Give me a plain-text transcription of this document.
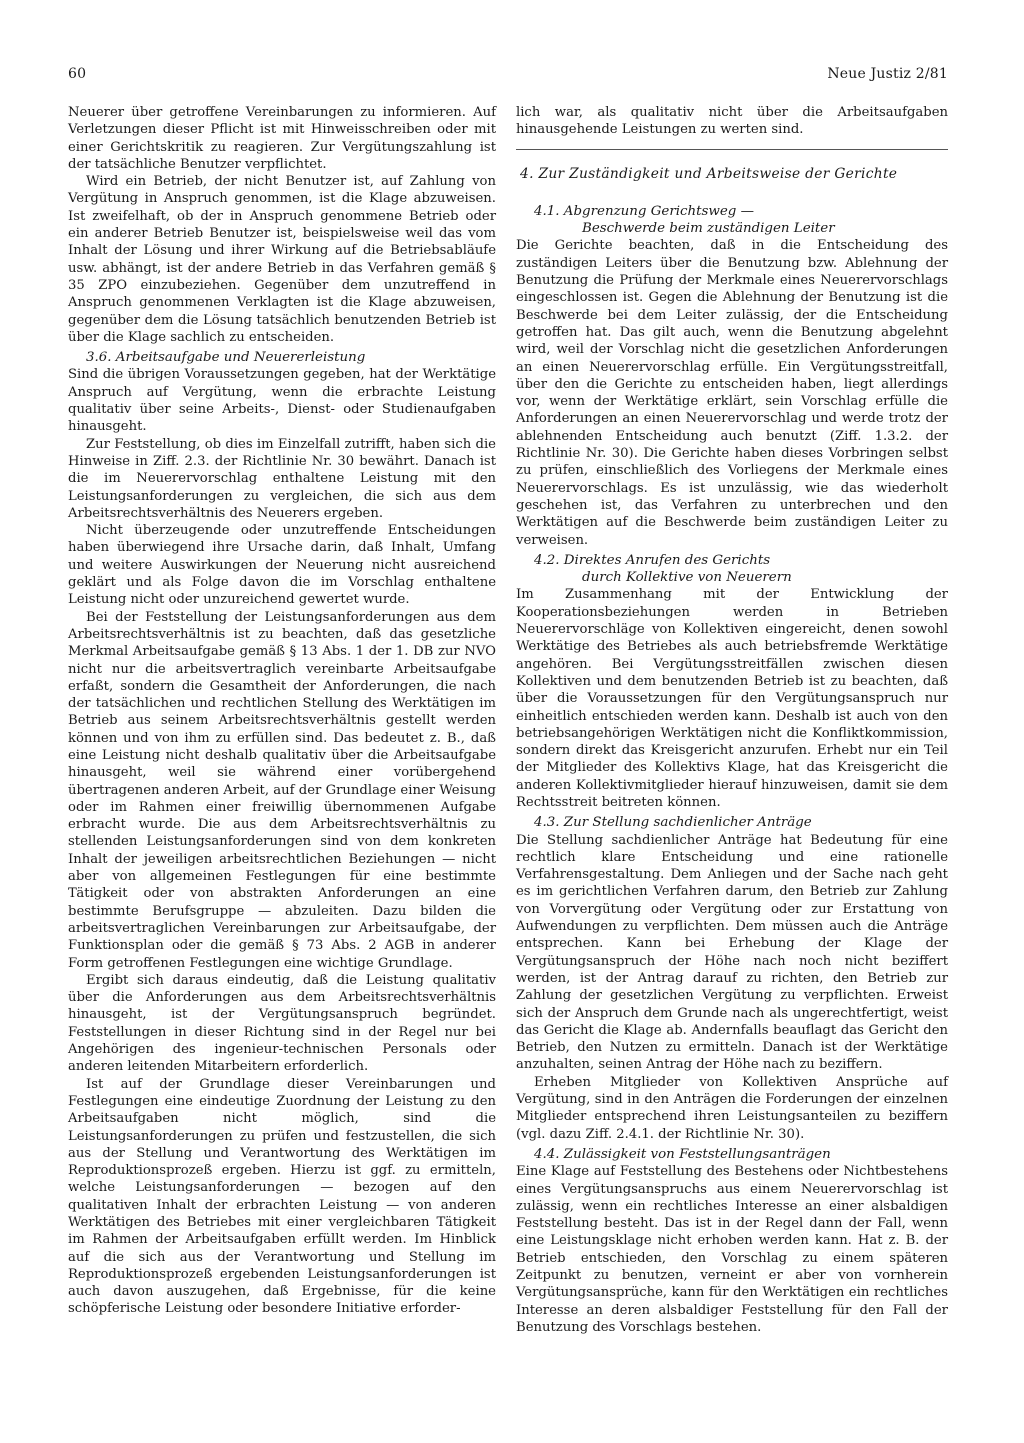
60	Neue Justiz 2/81

Neuerer über getroffene Vereinbarungen zu informieren. Auf Verletzungen dieser Pflicht ist mit Hinweisschreiben oder mit einer Gerichtskritik zu reagieren. Zur Vergütungszahlung ist der tatsächliche Benutzer verpflichtet.

Wird ein Betrieb, der nicht Benutzer ist, auf Zahlung von Vergütung in Anspruch genommen, ist die Klage abzuweisen. Ist zweifelhaft, ob der in Anspruch genommene Betrieb oder ein anderer Betrieb Benutzer ist, beispielsweise weil das vom Inhalt der Lösung und ihrer Wirkung auf die Betriebsabläufe usw. abhängt, ist der andere Betrieb in das Verfahren gemäß § 35 ZPO einzubeziehen. Gegenüber dem unzutreffend in Anspruch genommenen Verklagten ist die Klage abzuweisen, gegenüber dem die Lösung tatsächlich benutzenden Betrieb ist über die Klage sachlich zu entscheiden.

3.6. Arbeitsaufgabe und Neuererleistung

Sind die übrigen Voraussetzungen gegeben, hat der Werktätige Anspruch auf Vergütung, wenn die erbrachte Leistung qualitativ über seine Arbeits-, Dienst- oder Studienaufgaben hinausgeht.

Zur Feststellung, ob dies im Einzelfall zutrifft, haben sich die Hinweise in Ziff. 2.3. der Richtlinie Nr. 30 bewährt. Danach ist die im Neuerervorschlag enthaltene Leistung mit den Leistungsanforderungen zu vergleichen, die sich aus dem Arbeitsrechtsverhältnis des Neuerers ergeben.

Nicht überzeugende oder unzutreffende Entscheidungen haben überwiegend ihre Ursache darin, daß Inhalt, Umfang und weitere Auswirkungen der Neuerung nicht ausreichend geklärt und als Folge davon die im Vorschlag enthaltene Leistung nicht oder unzureichend gewertet wurde.

Bei der Feststellung der Leistungsanforderungen aus dem Arbeitsrechtsverhältnis ist zu beachten, daß das gesetzliche Merkmal Arbeitsaufgabe gemäß § 13 Abs. 1 der 1. DB zur NVO nicht nur die arbeitsvertraglich vereinbarte Arbeitsaufgabe erfaßt, sondern die Gesamtheit der Anforderungen, die nach der tatsächlichen und rechtlichen Stellung des Werktätigen im Betrieb aus seinem Arbeitsrechtsverhältnis gestellt werden können und von ihm zu erfüllen sind. Das bedeutet z. B., daß eine Leistung nicht deshalb qualitativ über die Arbeitsaufgabe hinausgeht, weil sie während einer vorübergehend übertragenen anderen Arbeit, auf der Grundlage einer Weisung oder im Rahmen einer freiwillig übernommenen Aufgabe erbracht wurde. Die aus dem Arbeitsrechtsverhältnis zu stellenden Leistungsanforderungen sind von dem konkreten Inhalt der jeweiligen arbeitsrechtlichen Beziehungen — nicht aber von allgemeinen Festlegungen für eine bestimmte Tätigkeit oder von abstrakten Anforderungen an eine bestimmte Berufsgruppe — abzuleiten. Dazu bilden die arbeitsvertraglichen Vereinbarungen zur Arbeitsaufgabe, der Funktionsplan oder die gemäß § 73 Abs. 2 AGB in anderer Form getroffenen Festlegungen eine wichtige Grundlage.

Ergibt sich daraus eindeutig, daß die Leistung qualitativ über die Anforderungen aus dem Arbeitsrechtsverhältnis hinausgeht, ist der Vergütungsanspruch begründet. Feststellungen in dieser Richtung sind in der Regel nur bei Angehörigen des ingenieur-technischen Personals oder anderen leitenden Mitarbeitern erforderlich.

Ist auf der Grundlage dieser Vereinbarungen und Festlegungen eine eindeutige Zuordnung der Leistung zu den Arbeitsaufgaben nicht möglich, sind die Leistungsanforderungen zu prüfen und festzustellen, die sich aus der Stellung und Verantwortung des Werktätigen im Reproduktionsprozeß ergeben. Hierzu ist ggf. zu ermitteln, welche Leistungsanforderungen — bezogen auf den qualitativen Inhalt der erbrachten Leistung — von anderen Werktätigen des Betriebes mit einer vergleichbaren Tätigkeit im Rahmen der Arbeitsaufgaben erfüllt werden. Im Hinblick auf die sich aus der Verantwortung und Stellung im Reproduktionsprozeß ergebenden Leistungsanforderungen ist auch davon auszugehen, daß Ergebnisse, für die keine schöpferische Leistung oder besondere Initiative erforder-

lich war, als qualitativ nicht über die Arbeitsaufgaben hinausgehende Leistungen zu werten sind.

4. Zur Zuständigkeit und Arbeitsweise der Gerichte
4.1. Abgrenzung Gerichtsweg —
Beschwerde beim zuständigen Leiter

Die Gerichte beachten, daß in die Entscheidung des zuständigen Leiters über die Benutzung bzw. Ablehnung der Benutzung die Prüfung der Merkmale eines Neuerervorschlags eingeschlossen ist. Gegen die Ablehnung der Benutzung ist die Beschwerde bei dem Leiter zulässig, der die Entscheidung getroffen hat. Das gilt auch, wenn die Benutzung abgelehnt wird, weil der Vorschlag nicht die gesetzlichen Anforderungen an einen Neuerervorschlag erfülle. Ein Vergütungsstreitfall, über den die Gerichte zu entscheiden haben, liegt allerdings vor, wenn der Werktätige erklärt, sein Vorschlag erfülle die Anforderungen an einen Neuerervorschlag und werde trotz der ablehnenden Entscheidung auch benutzt (Ziff. 1.3.2. der Richtlinie Nr. 30). Die Gerichte haben dieses Vorbringen selbst zu prüfen, einschließlich des Vorliegens der Merkmale eines Neuerervorschlags. Es ist unzulässig, wie das wiederholt geschehen ist, das Verfahren zu unterbrechen und den Werktätigen auf die Beschwerde beim zuständigen Leiter zu verweisen.

4.2. Direktes Anrufen des Gerichts
durch Kollektive von Neuerern

Im Zusammenhang mit der Entwicklung der Kooperationsbeziehungen werden in Betrieben Neuerervorschläge von Kollektiven eingereicht, denen sowohl Werktätige des Betriebes als auch betriebsfremde Werktätige angehören. Bei Vergütungsstreitfällen zwischen diesen Kollektiven und dem benutzenden Betrieb ist zu beachten, daß über die Voraussetzungen für den Vergütungsanspruch nur einheitlich entschieden werden kann. Deshalb ist auch von den betriebsangehörigen Werktätigen nicht die Konfliktkommission, sondern direkt das Kreisgericht anzurufen. Erhebt nur ein Teil der Mitglieder des Kollektivs Klage, hat das Kreisgericht die anderen Kollektivmitglieder hierauf hinzuweisen, damit sie dem Rechtsstreit beitreten können.

4.3. Zur Stellung sachdienlicher Anträge

Die Stellung sachdienlicher Anträge hat Bedeutung für eine rechtlich klare Entscheidung und eine rationelle Verfahrensgestaltung. Dem Anliegen und der Sache nach geht es im gerichtlichen Verfahren darum, den Betrieb zur Zahlung von Vorvergütung oder Vergütung oder zur Erstattung von Aufwendungen zu verpflichten. Dem müssen auch die Anträge entsprechen. Kann bei Erhebung der Klage der Vergütungsanspruch der Höhe nach noch nicht beziffert werden, ist der Antrag darauf zu richten, den Betrieb zur Zahlung der gesetzlichen Vergütung zu verpflichten. Erweist sich der Anspruch dem Grunde nach als ungerechtfertigt, weist das Gericht die Klage ab. Andernfalls beauflagt das Gericht den Betrieb, den Nutzen zu ermitteln. Danach ist der Werktätige anzuhalten, seinen Antrag der Höhe nach zu beziffern.

Erheben Mitglieder von Kollektiven Ansprüche auf Vergütung, sind in den Anträgen die Forderungen der einzelnen Mitglieder entsprechend ihren Leistungsanteilen zu beziffern (vgl. dazu Ziff. 2.4.1. der Richtlinie Nr. 30).

4.4. Zulässigkeit von Feststellungsanträgen

Eine Klage auf Feststellung des Bestehens oder Nichtbestehens eines Vergütungsanspruchs aus einem Neuerervorschlag ist zulässig, wenn ein rechtliches Interesse an einer alsbaldigen Feststellung besteht. Das ist in der Regel dann der Fall, wenn eine Leistungsklage nicht erhoben werden kann. Hat z. B. der Betrieb entschieden, den Vorschlag zu einem späteren Zeitpunkt zu benutzen, verneint er aber von vornherein Vergütungsansprüche, kann für den Werktätigen ein rechtliches Interesse an deren alsbaldiger Feststellung für den Fall der Benutzung des Vorschlags bestehen.
